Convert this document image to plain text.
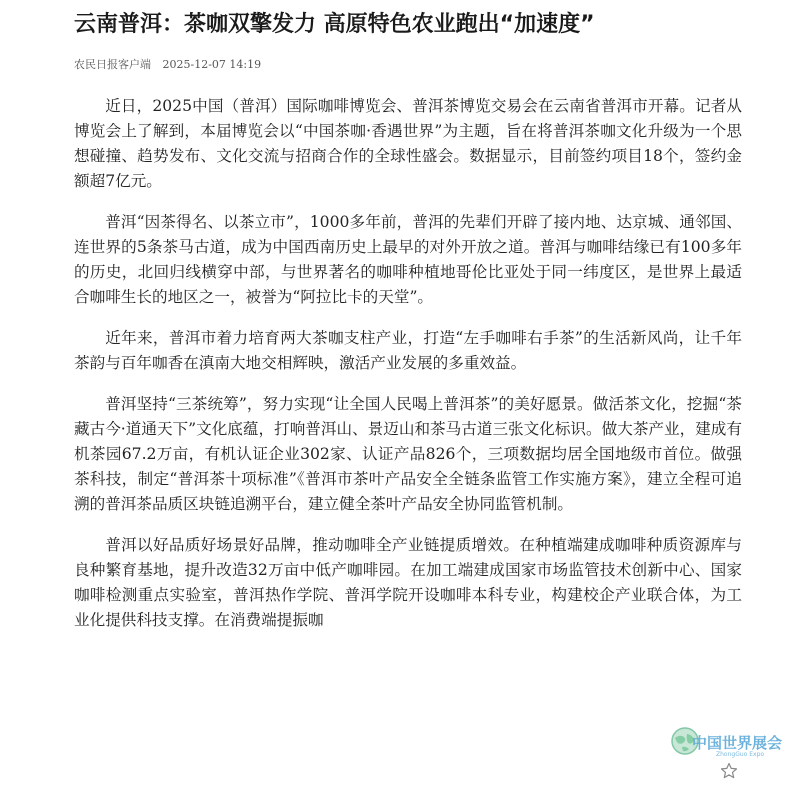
云南普洱：茶咖双擎发力 高原特色农业跑出“加速度”
农民日报客户端 2025-12-07 14:19

近日，2025中国（普洱）国际咖啡博览会、普洱茶博览交易会在云南省普洱市开幕。记者从博览会上了解到，本届博览会以“中国茶咖·香遇世界”为主题，旨在将普洱茶咖文化升级为一个思想碰撞、趋势发布、文化交流与招商合作的全球性盛会。数据显示，目前签约项目18个，签约金额超7亿元。

普洱“因茶得名、以茶立市”，1000多年前，普洱的先辈们开辟了接内地、达京城、通邻国、连世界的5条茶马古道，成为中国西南历史上最早的对外开放之道。普洱与咖啡结缘已有100多年的历史，北回归线横穿中部，与世界著名的咖啡种植地哥伦比亚处于同一纬度区，是世界上最适合咖啡生长的地区之一，被誉为“阿拉比卡的天堂”。

近年来，普洱市着力培育两大茶咖支柱产业，打造“左手咖啡右手茶”的生活新风尚，让千年茶韵与百年咖香在滇南大地交相辉映，激活产业发展的多重效益。

普洱坚持“三茶统筹”，努力实现“让全国人民喝上普洱茶”的美好愿景。做活茶文化，挖掘“茶藏古今·道通天下”文化底蕴，打响普洱山、景迈山和茶马古道三张文化标识。做大茶产业，建成有机茶园67.2万亩，有机认证企业302家、认证产品826个，三项数据均居全国地级市首位。做强茶科技，制定“普洱茶十项标准”《普洱市茶叶产品安全全链条监管工作实施方案》，建立全程可追溯的普洱茶品质区块链追溯平台，建立健全茶叶产品安全协同监管机制。

普洱以好品质好场景好品牌，推动咖啡全产业链提质增效。在种植端建成咖啡种质资源库与良种繁育基地，提升改造32万亩中低产咖啡园。在加工端建成国家市场监管技术创新中心、国家咖啡检测重点实验室，普洱热作学院、普洱学院开设咖啡本科专业，构建校企产业联合体，为工业化提供科技支撑。在消费端提振咖

中国世界展会
ZhongGuo Expo
